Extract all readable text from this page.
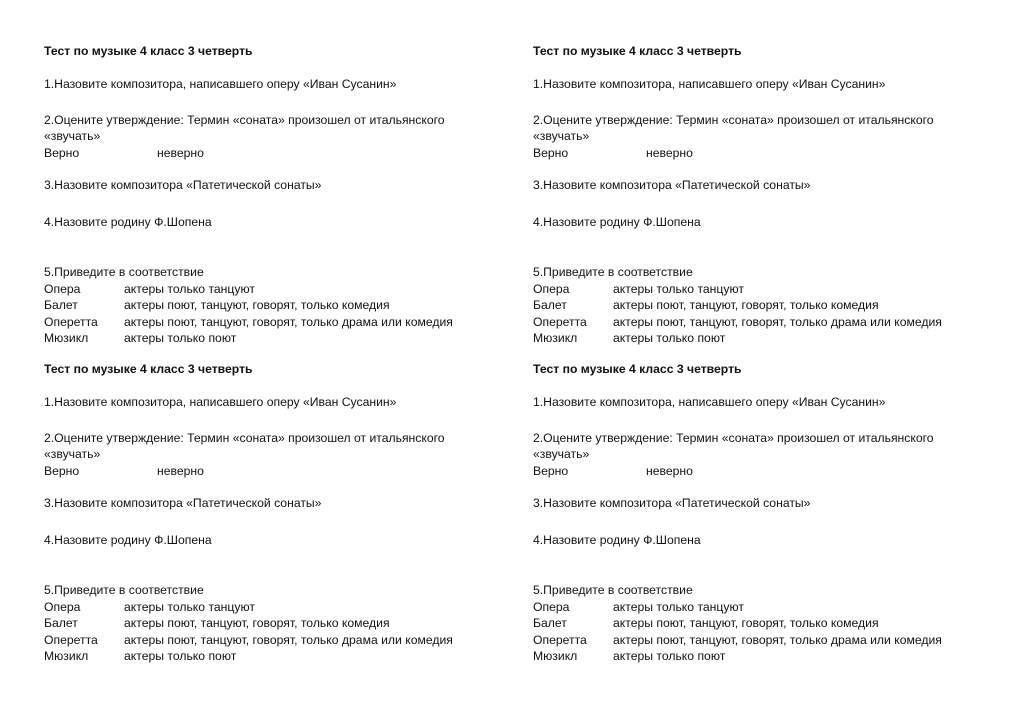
Тест по музыке 4 класс 3 четверть
1.Назовите композитора, написавшего оперу «Иван Сусанин»
2.Оцените утверждение: Термин «соната» произошел от итальянского
«звучать»
Верно	неверно
3.Назовите композитора «Патетической сонаты»
4.Назовите родину Ф.Шопена
5.Приведите в соответствие
Опера	актеры только танцуют
Балет	актеры поют, танцуют, говорят, только комедия
Оперетта	актеры поют, танцуют, говорят, только драма или комедия
Мюзикл	актеры только поют
Тест по музыке 4 класс 3 четверть
1.Назовите композитора, написавшего оперу «Иван Сусанин»
2.Оцените утверждение: Термин «соната» произошел от итальянского
«звучать»
Верно	неверно
3.Назовите композитора «Патетической сонаты»
4.Назовите родину Ф.Шопена
5.Приведите в соответствие
Опера	актеры только танцуют
Балет	актеры поют, танцуют, говорят, только комедия
Оперетта	актеры поют, танцуют, говорят, только драма или комедия
Мюзикл	актеры только поют
Тест по музыке 4 класс 3 четверть
1.Назовите композитора, написавшего оперу «Иван Сусанин»
2.Оцените утверждение: Термин «соната» произошел от итальянского
«звучать»
Верно	неверно
3.Назовите композитора «Патетической сонаты»
4.Назовите родину Ф.Шопена
5.Приведите в соответствие
Опера	актеры только танцуют
Балет	актеры поют, танцуют, говорят, только комедия
Оперетта	актеры поют, танцуют, говорят, только драма или комедия
Мюзикл	актеры только поют
Тест по музыке 4 класс 3 четверть
1.Назовите композитора, написавшего оперу «Иван Сусанин»
2.Оцените утверждение: Термин «соната» произошел от итальянского
«звучать»
Верно	неверно
3.Назовите композитора «Патетической сонаты»
4.Назовите родину Ф.Шопена
5.Приведите в соответствие
Опера	актеры только танцуют
Балет	актеры поют, танцуют, говорят, только комедия
Оперетта	актеры поют, танцуют, говорят, только драма или комедия
Мюзикл	актеры только поют
